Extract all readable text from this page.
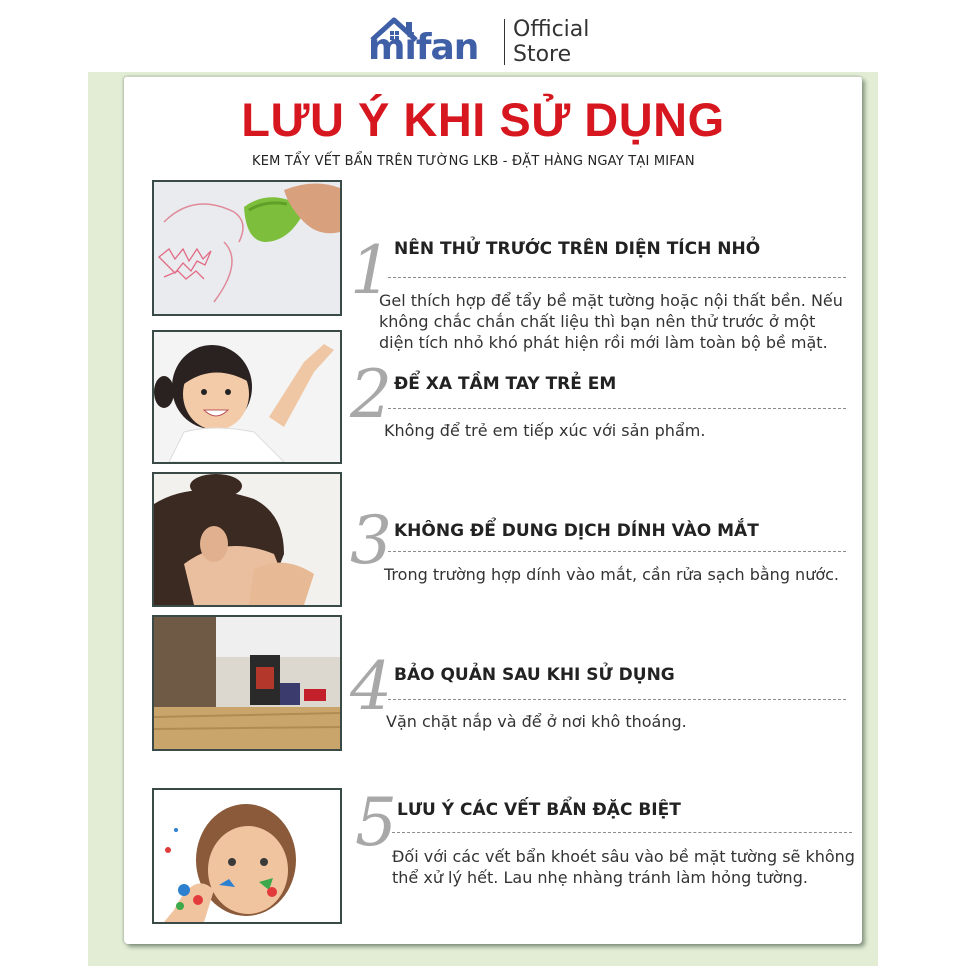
mifan Official
Store
LƯU Ý KHI SỬ DỤNG
KEM TẨY VẾT BẨN TRÊN TƯỜNG LKB - ĐẶT HÀNG NGAY TẠI MIFAN
1 NÊN THỬ TRƯỚC TRÊN DIỆN TÍCH NHỎ
Gel thích hợp để tẩy bề mặt tường hoặc nội thất bền. Nếu
không chắc chắn chất liệu thì bạn nên thử trước ở một
diện tích nhỏ khó phát hiện rồi mới làm toàn bộ bề mặt.
2 ĐỂ XA TẦM TAY TRẺ EM
Không để trẻ em tiếp xúc với sản phẩm.
3 KHÔNG ĐỂ DUNG DỊCH DÍNH VÀO MẮT
Trong trường hợp dính vào mắt, cần rửa sạch bằng nước.
4 BẢO QUẢN SAU KHI SỬ DỤNG
Vặn chặt nắp và để ở nơi khô thoáng.
5 LƯU Ý CÁC VẾT BẨN ĐẶC BIỆT
Đối với các vết bẩn khoét sâu vào bề mặt tường sẽ không
thể xử lý hết. Lau nhẹ nhàng tránh làm hỏng tường.
